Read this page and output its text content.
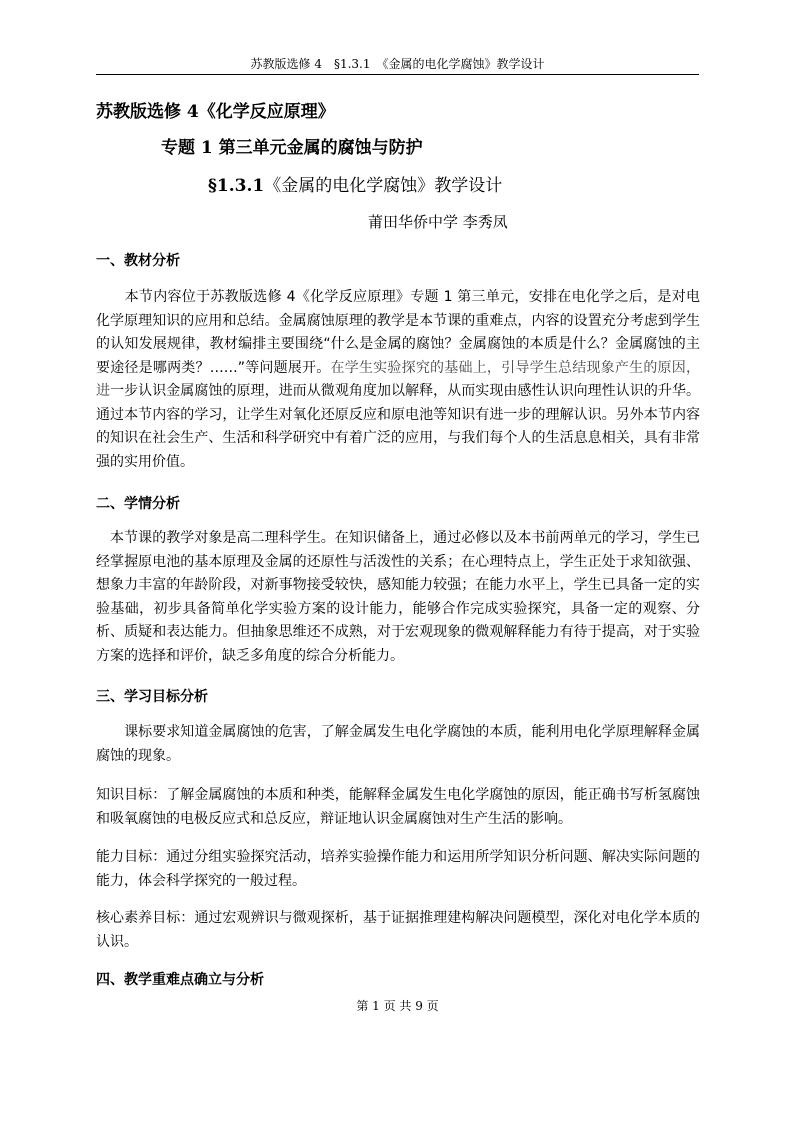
苏教版选修 4　§1.3.1　《金属的电化学腐蚀》教学设计
苏教版选修 4《化学反应原理》
专题 1 第三单元金属的腐蚀与防护
§1.3.1《金属的电化学腐蚀》教学设计
莆田华侨中学 李秀凤
一、教材分析

　　本节内容位于苏教版选修 4《化学反应原理》专题 1 第三单元，安排在电化学之后，是对电化学原理知识的应用和总结。金属腐蚀原理的教学是本节课的重难点，内容的设置充分考虑到学生的认知发展规律，教材编排主要围绕“什么是金属的腐蚀？金属腐蚀的本质是什么？金属腐蚀的主要途径是哪两类？……”等问题展开。在学生实验探究的基础上，引导学生总结现象产生的原因，进一步认识金属腐蚀的原理，进而从微观角度加以解释，从而实现由感性认识向理性认识的升华。通过本节内容的学习，让学生对氧化还原反应和原电池等知识有进一步的理解认识。另外本节内容的知识在社会生产、生活和科学研究中有着广泛的应用，与我们每个人的生活息息相关，具有非常强的实用价值。

二、学情分析

　本节课的教学对象是高二理科学生。在知识储备上，通过必修以及本书前两单元的学习，学生已经掌握原电池的基本原理及金属的还原性与活泼性的关系；在心理特点上，学生正处于求知欲强、想象力丰富的年龄阶段，对新事物接受较快，感知能力较强；在能力水平上，学生已具备一定的实验基础，初步具备简单化学实验方案的设计能力，能够合作完成实验探究，具备一定的观察、分析、质疑和表达能力。但抽象思维还不成熟，对于宏观现象的微观解释能力有待于提高，对于实验方案的选择和评价，缺乏多角度的综合分析能力。

三、学习目标分析

　　课标要求知道金属腐蚀的危害，了解金属发生电化学腐蚀的本质，能利用电化学原理解释金属腐蚀的现象。

知识目标：了解金属腐蚀的本质和种类，能解释金属发生电化学腐蚀的原因，能正确书写析氢腐蚀和吸氧腐蚀的电极反应式和总反应，辩证地认识金属腐蚀对生产生活的影响。

能力目标：通过分组实验探究活动，培养实验操作能力和运用所学知识分析问题、解决实际问题的能力，体会科学探究的一般过程。

核心素养目标：通过宏观辨识与微观探析，基于证据推理建构解决问题模型，深化对电化学本质的认识。

四、教学重难点确立与分析
第 1 页 共 9 页
